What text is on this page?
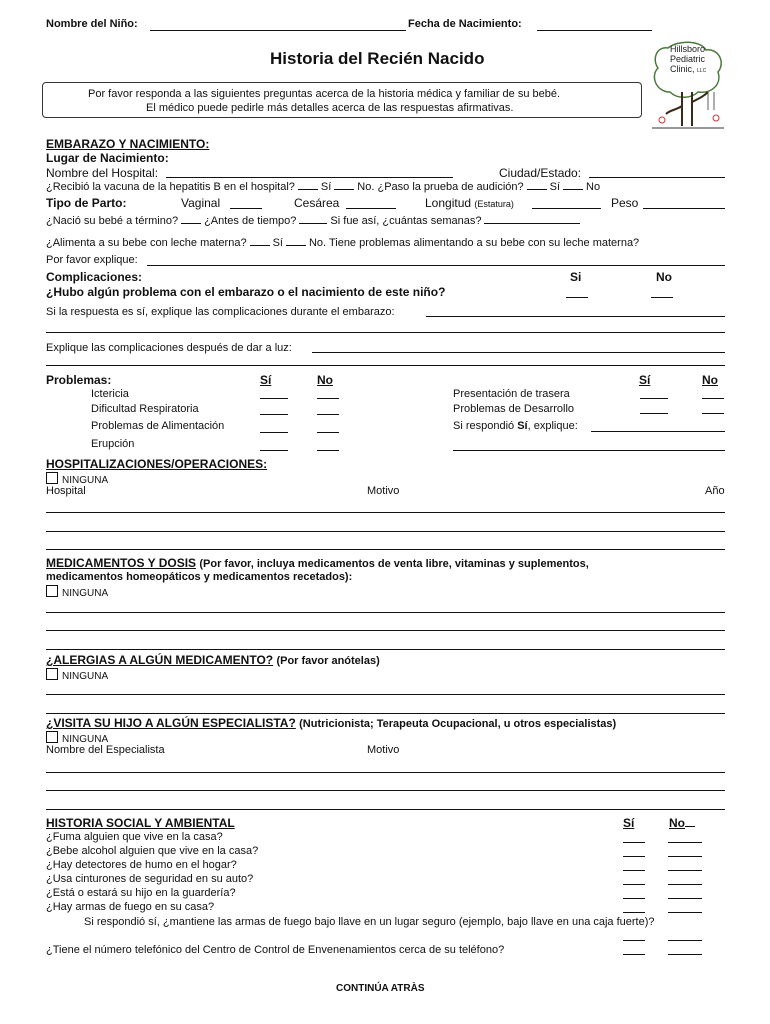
Nombre del Niño:	Fecha de Nacimiento:
Historia del Recién Nacido	Hillsboro
Pediatric
Clinic, LLC
Por favor responda a las siguientes preguntas acerca de la historia médica y familiar de su bebé.
El médico puede pedirle más detalles acerca de las respuestas afirmativas.
EMBARAZO Y NACIMIENTO:
Lugar de Nacimiento:
Nombre del Hospital:	Ciudad/Estado:
¿Recibió la vacuna de la hepatitis B en el hospital? Sí No. ¿Paso la prueba de audición? Sí No
Tipo de Parto:	Vaginal	Cesárea	Longitud (Estatura)	Peso
¿Nació su bebé a término? ¿Antes de tiempo?	Si fue así, ¿cuántas semanas?
¿Alimenta a su bebe con leche materna? Sí No. Tiene problemas alimentando a su bebe con su leche materna?
Por favor explique:
Complicaciones:	Si	No
¿Hubo algún problema con el embarazo o el nacimiento de este niño?
Si la respuesta es sí, explique las complicaciones durante el embarazo:
Explique las complicaciones después de dar a luz:
Problemas:	Sí	No	Sí	No
Ictericia
Dificultad Respiratoria
Problemas de Alimentación
Erupción
Presentación de trasera
Problemas de Desarrollo
Si respondió Sí, explique:
HOSPITALIZACIONES/OPERACIONES:
NINGUNA
Hospital	Motivo	Año
MEDICAMENTOS Y DOSIS (Por favor, incluya medicamentos de venta libre, vitaminas y suplementos,
medicamentos homeopáticos y medicamentos recetados):
NINGUNA
¿ALERGIAS A ALGÚN MEDICAMENTO? (Por favor anótelas)
NINGUNA
¿VISITA SU HIJO A ALGÚN ESPECIALISTA? (Nutricionista; Terapeuta Ocupacional, u otros especialistas)
NINGUNA
Nombre del Especialista	Motivo
HISTORIA SOCIAL Y AMBIENTAL	Sí	No
¿Fuma alguien que vive en la casa?
¿Bebe alcohol alguien que vive en la casa?
¿Hay detectores de humo en el hogar?
¿Usa cinturones de seguridad en su auto?
¿Está o estará su hijo en la guardería?
¿Hay armas de fuego en su casa?
Si respondió sí, ¿mantiene las armas de fuego bajo llave en un lugar seguro (ejemplo, bajo llave en una caja fuerte)?
¿Tiene el número telefónico del Centro de Control de Envenenamientos cerca de su teléfono?
CONTINÚA ATRÀS
